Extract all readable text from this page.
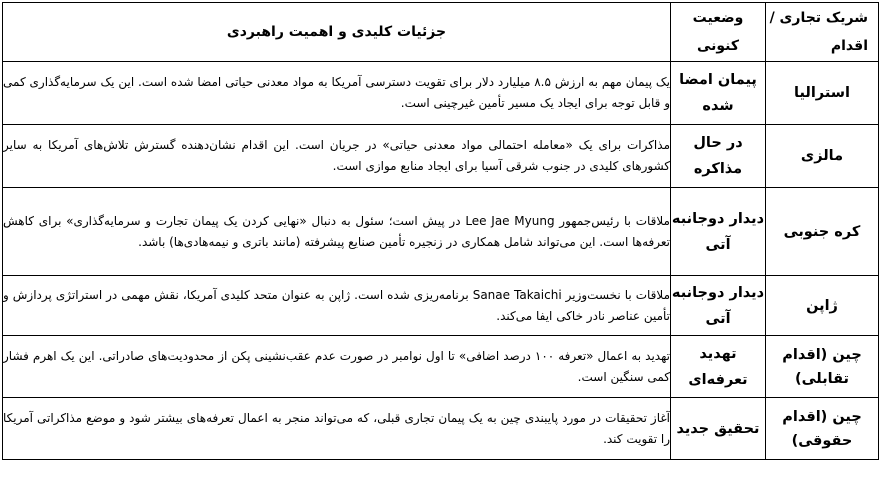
شریک تجاری / اقدام	وضعیت کنونی	جزئیات کلیدی و اهمیت راهبردی
استرالیا	پیمان امضا شده	یک پیمان مهم به ارزش ۸.۵ میلیارد دلار برای تقویت دسترسی آمریکا به مواد معدنی حیاتی امضا شده است. این یک سرمایه‌گذاری کمی و قابل توجه برای ایجاد یک مسیر تأمین غیرچینی است.
مالزی	در حال مذاکره	مذاکرات برای یک «معامله احتمالی مواد معدنی حیاتی» در جریان است. این اقدام نشان‌دهنده گسترش تلاش‌های آمریکا به سایر کشورهای کلیدی در جنوب شرقی آسیا برای ایجاد منابع موازی است.
کره جنوبی	دیدار دوجانبه آتی	ملاقات با رئیس‌جمهور Lee Jae Myung در پیش است؛ سئول به دنبال «نهایی کردن یک پیمان تجارت و سرمایه‌گذاری» برای کاهش تعرفه‌ها است. این می‌تواند شامل همکاری در زنجیره تأمین صنایع پیشرفته (مانند باتری و نیمه‌هادی‌ها) باشد.
ژاپن	دیدار دوجانبه آتی	ملاقات با نخست‌وزیر Sanae Takaichi برنامه‌ریزی شده است. ژاپن به عنوان متحد کلیدی آمریکا، نقش مهمی در استراتژی پردازش و تأمین عناصر نادر خاکی ایفا می‌کند.
چین (اقدام تقابلی)	تهدید تعرفه‌ای	تهدید به اعمال «تعرفه ۱۰۰ درصد اضافی» تا اول نوامبر در صورت عدم عقب‌نشینی پکن از محدودیت‌های صادراتی. این یک اهرم فشار کمی سنگین است.
چین (اقدام حقوقی)	تحقیق جدید	آغاز تحقیقات در مورد پایبندی چین به یک پیمان تجاری قبلی، که می‌تواند منجر به اعمال تعرفه‌های بیشتر شود و موضع مذاکراتی آمریکا را تقویت کند.
